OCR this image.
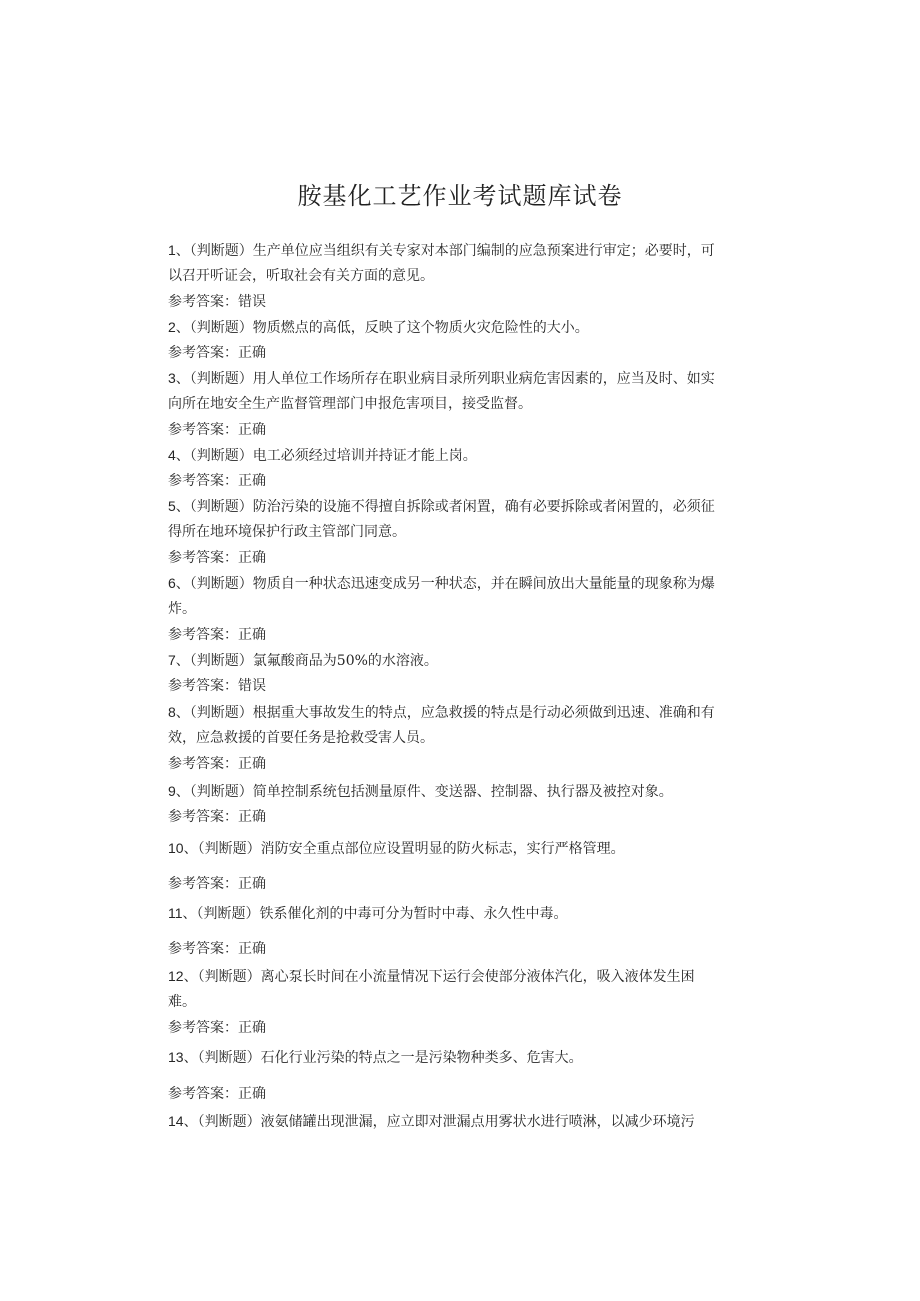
胺基化工艺作业考试题库试卷
1、（判断题）生产单位应当组织有关专家对本部门编制的应急预案进行审定；必要时，可
以召开听证会，听取社会有关方面的意见。
参考答案：错误
2、（判断题）物质燃点的高低，反映了这个物质火灾危险性的大小。
参考答案：正确
3、（判断题）用人单位工作场所存在职业病目录所列职业病危害因素的，应当及时、如实
向所在地安全生产监督管理部门申报危害项目，接受监督。
参考答案：正确
4、（判断题）电工必须经过培训并持证才能上岗。
参考答案：正确
5、（判断题）防治污染的设施不得擅自拆除或者闲置，确有必要拆除或者闲置的，必须征
得所在地环境保护行政主管部门同意。
参考答案：正确
6、（判断题）物质自一种状态迅速变成另一种状态，并在瞬间放出大量能量的现象称为爆
炸。
参考答案：正确
7、（判断题）氯氟酸商品为50%的水溶液。
参考答案：错误
8、（判断题）根据重大事故发生的特点，应急救援的特点是行动必须做到迅速、准确和有
效，应急救援的首要任务是抢救受害人员。
参考答案：正确
9、（判断题）简单控制系统包括测量原件、变送器、控制器、执行器及被控对象。
参考答案：正确
10、（判断题）消防安全重点部位应设置明显的防火标志，实行严格管理。
参考答案：正确
11、（判断题）铁系催化剂的中毒可分为暂时中毒、永久性中毒。
参考答案：正确
12、（判断题）离心泵长时间在小流量情况下运行会使部分液体汽化，吸入液体发生困
难。
参考答案：正确
13、（判断题）石化行业污染的特点之一是污染物种类多、危害大。
参考答案：正确
14、（判断题）液氨储罐出现泄漏，应立即对泄漏点用雾状水进行喷淋，以减少环境污
